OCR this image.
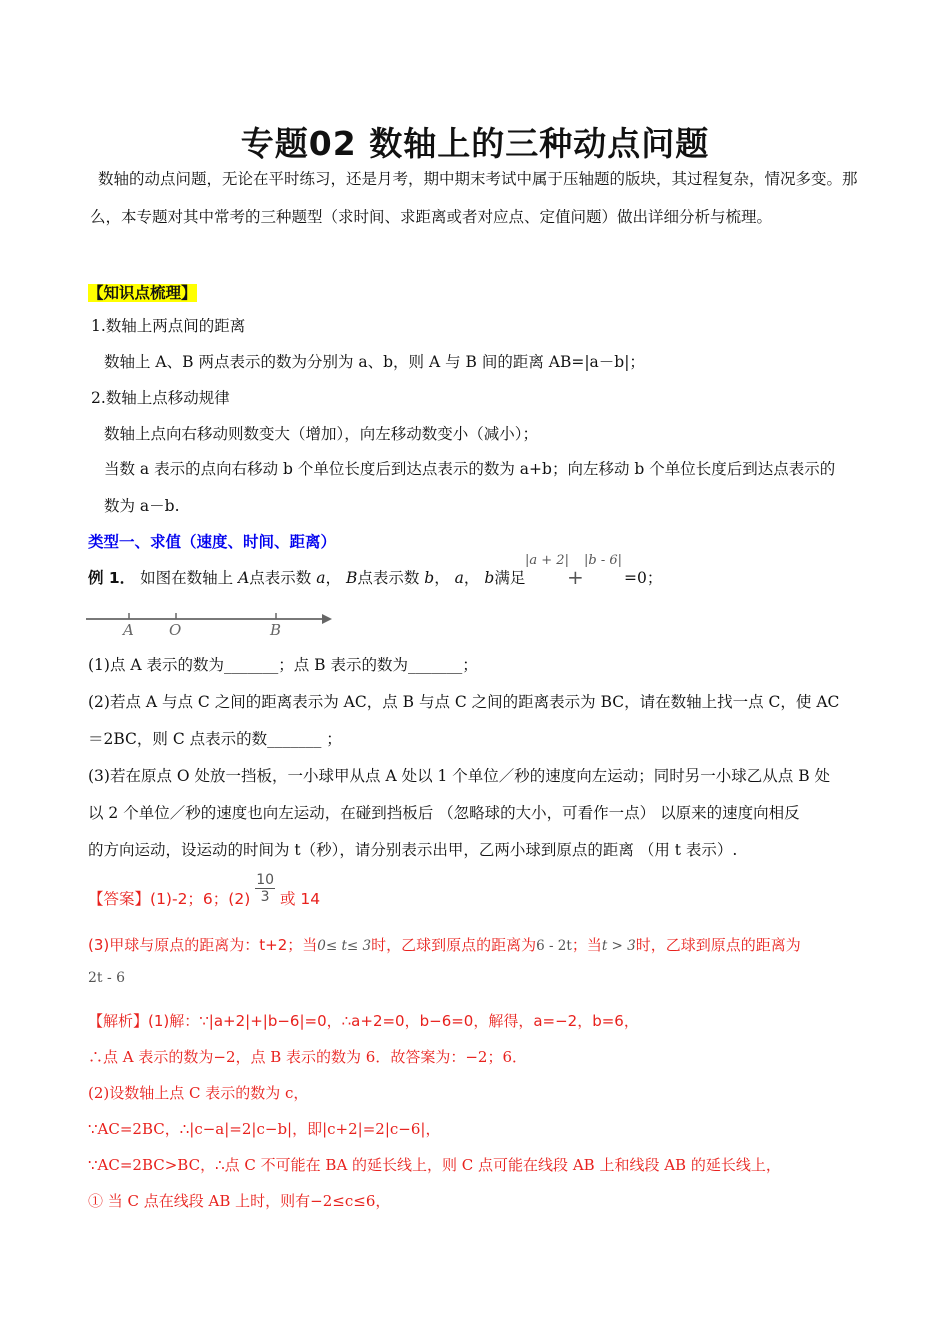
专题02 数轴上的三种动点问题
数轴的动点问题，无论在平时练习，还是月考，期中期末考试中属于压轴题的版块，其过程复杂，情况多变。那么，本专题对其中常考的三种题型（求时间、求距离或者对应点、定值问题）做出详细分析与梳理。
【知识点梳理】
1.数轴上两点间的距离
数轴上 A、B 两点表示的数为分别为 a、b，则 A 与 B 间的距离 AB=|a－b|；
2.数轴上点移动规律
数轴上点向右移动则数变大（增加），向左移动数变小（减小）；
当数 a 表示的点向右移动 b 个单位长度后到达点表示的数为 a+b；向左移动 b 个单位长度后到达点表示的
数为 a－b.
类型一、求值（速度、时间、距离）
例 1． 如图在数轴上 A点表示数 a， B点表示数 b， a， b满足
|a + 2|
+
|b - 6|
=0；
A O	B
(1)点 A 表示的数为_______；点 B 表示的数为_______；
(2)若点 A 与点 C 之间的距离表示为 AC，点 B 与点 C 之间的距离表示为 BC，请在数轴上找一点 C，使 AC
＝2BC，则 C 点表示的数_______ ；
(3)若在原点 O 处放一挡板，一小球甲从点 A 处以 1 个单位／秒的速度向左运动；同时另一小球乙从点 B 处
以 2 个单位／秒的速度也向左运动，在碰到挡板后 （忽略球的大小，可看作一点） 以原来的速度向相反
的方向运动，设运动的时间为 t（秒），请分别表示出甲，乙两小球到原点的距离 （用 t 表示）.
【答案】(1)-2；6；$(2) \frac{10}{3}$ 或 14
(3)甲球与原点的距离为：t+2；当0≤ t≤ 3时，乙球到原点的距离为6 - 2t；当t > 3时，乙球到原点的距离为
2t - 6
【解析】(1)解：∵|a+2|+|b−6|=0，∴a+2=0，b−6=0，解得，a=−2，b=6，
∴点 A 表示的数为−2，点 B 表示的数为 6．故答案为：−2；6．
(2)设数轴上点 C 表示的数为 c，
∵AC=2BC，∴|c−a|=2|c−b|，即|c+2|=2|c−6|，
∵AC=2BC>BC，∴点 C 不可能在 BA 的延长线上，则 C 点可能在线段 AB 上和线段 AB 的延长线上，
① 当 C 点在线段 AB 上时，则有−2≤c≤6，
